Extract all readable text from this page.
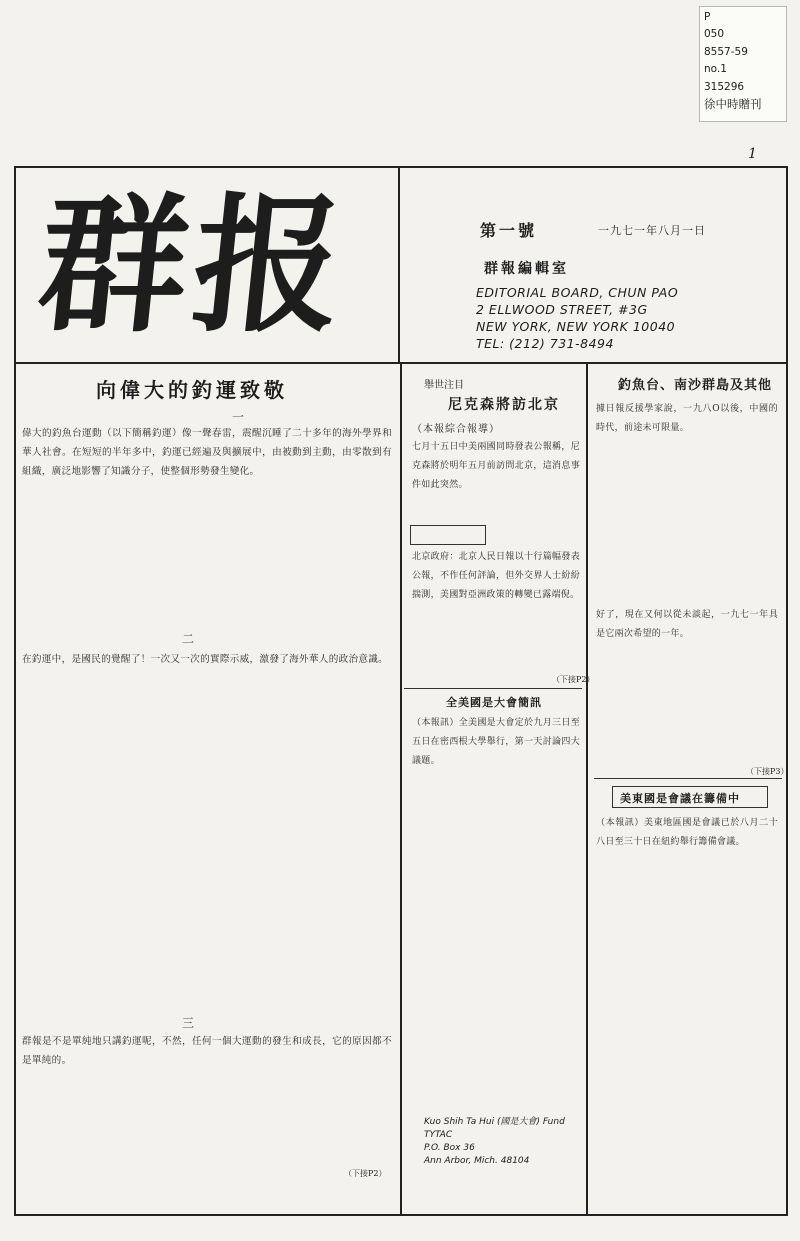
P
050
8557-59
no.1
315296
徐中時贈刊
1
群报	第一號	一九七一年八月一日
群報編輯室
EDITORIAL BOARD, CHUN PAO
2 ELLWOOD STREET, #3G
NEW YORK, NEW YORK 10040
TEL: (212) 731-8494
向偉大的釣運致敬
一
偉大的釣魚台運動（以下簡稱釣運）像一聲春雷，震醒沉睡了二十多年的海外學界和華人社會。在短短的半年多中，釣運已經遍及與擴展中，由被動到主動，由零散到有組織，廣泛地影響了知識分子，使整個形勢發生變化。
二
在釣運中，是國民的覺醒了！一次又一次的實際示威，激發了海外華人的政治意識。
三
群報是不是單純地只講釣運呢，不然，任何一個大運動的發生和成長，它的原因都不是單純的。
（下接P2）
舉世注目
尼克森將訪北京
（本報綜合報導）
七月十五日中美兩國同時發表公報稱，尼克森將於明年五月前訪問北京，這消息事件如此突然。
北京政府：北京人民日報以十行篇幅發表公報，不作任何評論，但外交界人士紛紛揣測，美國對亞洲政策的轉變已露端倪。
（下接P2）
全美國是大會簡訊
（本報訊）全美國是大會定於九月三日至五日在密西根大學舉行，第一天討論四大議題。
Kuo Shih Ta Hui (國是大會) Fund
TYTAC
P.O. Box 36
Ann Arbor, Mich. 48104
釣魚台、南沙群島及其他
據日報反援學家說，一九八O以後，中國的時代，前途未可限量。
好了，現在又何以從未談起，一九七一年具是它兩次希望的一年。
（下接P3）
美東國是會議在籌備中
（本報訊）美東地區國是會議已於八月二十八日至三十日在紐約舉行籌備會議。
